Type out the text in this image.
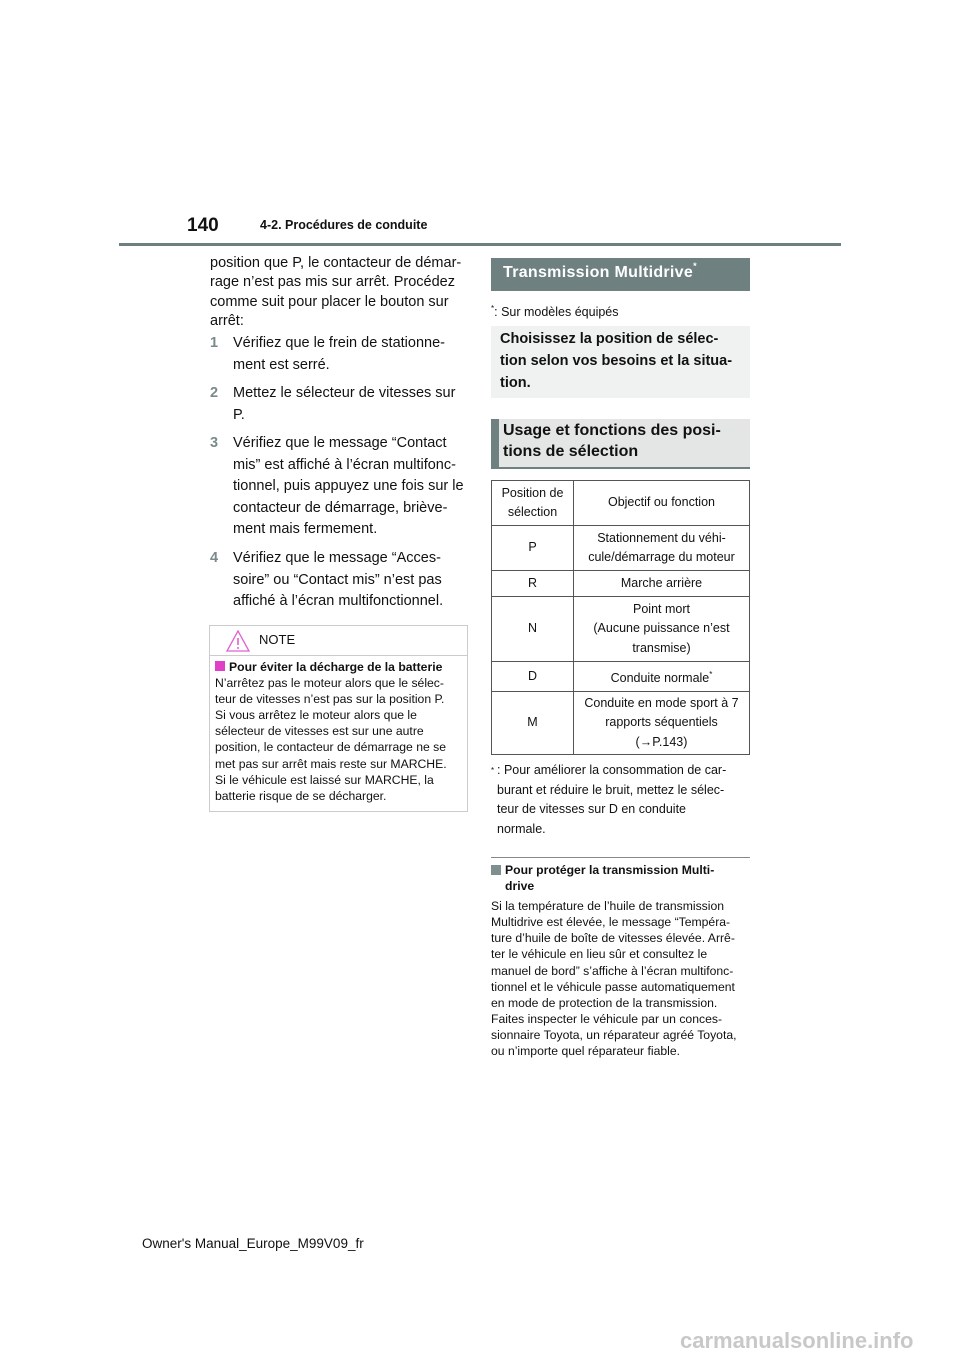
140	4-2. Procédures de conduite
position que P, le contacteur de démar-
rage n’est pas mis sur arrêt. Procédez
comme suit pour placer le bouton sur
arrêt:
1 Vérifiez que le frein de stationne-
ment est serré.
2 Mettez le sélecteur de vitesses sur
P.
3 Vérifiez que le message “Contact
mis” est affiché à l’écran multifonc-
tionnel, puis appuyez une fois sur le
contacteur de démarrage, briève-
ment mais fermement.
4 Vérifiez que le message “Acces-
soire” ou “Contact mis” n’est pas
affiché à l’écran multifonctionnel.
NOTE
Pour éviter la décharge de la batterie
N’arrêtez pas le moteur alors que le sélec-
teur de vitesses n’est pas sur la position P.
Si vous arrêtez le moteur alors que le
sélecteur de vitesses est sur une autre
position, le contacteur de démarrage ne se
met pas sur arrêt mais reste sur MARCHE.
Si le véhicule est laissé sur MARCHE, la
batterie risque de se décharger.
Transmission Multidrive*
*: Sur modèles équipés
Choisissez la position de sélec-
tion selon vos besoins et la situa-
tion.
Usage et fonctions des posi-
tions de sélection
Position de sélection	Objectif ou fonction
P	Stationnement du véhi-
cule/démarrage du moteur
R	Marche arrière
N	Point mort
(Aucune puissance n’est
transmise)
D	Conduite normale*
M	Conduite en mode sport à 7
rapports séquentiels
(→P.143)
* : Pour améliorer la consommation de car-
burant et réduire le bruit, mettez le sélec-
teur de vitesses sur D en conduite
normale.
Pour protéger la transmission Multi-
drive
Si la température de l’huile de transmission
Multidrive est élevée, le message “Tempéra-
ture d’huile de boîte de vitesses élevée. Arrê-
ter le véhicule en lieu sûr et consultez le
manuel de bord” s’affiche à l’écran multifonc-
tionnel et le véhicule passe automatiquement
en mode de protection de la transmission.
Faites inspecter le véhicule par un conces-
sionnaire Toyota, un réparateur agréé Toyota,
ou n’importe quel réparateur fiable.
Owner's Manual_Europe_M99V09_fr
carmanualsonline.info
